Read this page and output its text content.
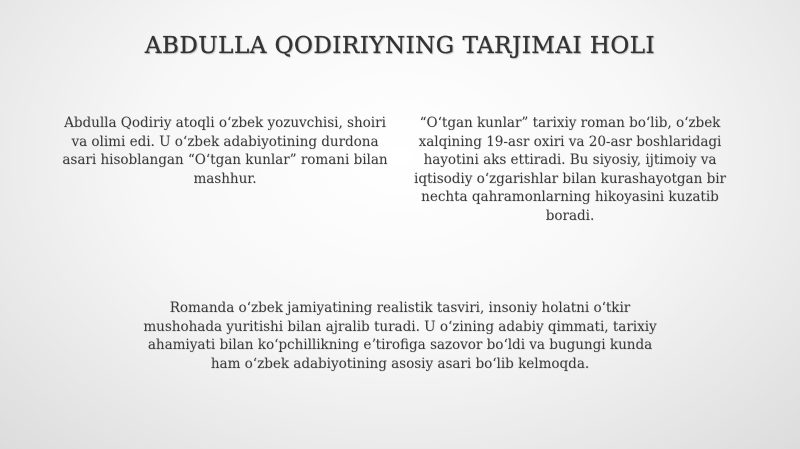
ABDULLA QODIRIYNING TARJIMAI HOLI

Abdulla Qodiriy atoqli oʻzbek yozuvchisi, shoiri va olimi edi. U oʻzbek adabiyotining durdona asari hisoblangan “Oʻtgan kunlar” romani bilan mashhur.

“Oʻtgan kunlar” tarixiy roman boʻlib, oʻzbek xalqining 19-asr oxiri va 20-asr boshlaridagi hayotini aks ettiradi. Bu siyosiy, ijtimoiy va iqtisodiy oʻzgarishlar bilan kurashayotgan bir nechta qahramonlarning hikoyasini kuzatib boradi.

Romanda oʻzbek jamiyatining realistik tasviri, insoniy holatni oʻtkir mushohada yuritishi bilan ajralib turadi. U oʻzining adabiy qimmati, tarixiy ahamiyati bilan koʻpchillikning eʼtirofiga sazovor boʻldi va bugungi kunda ham oʻzbek adabiyotining asosiy asari boʻlib kelmoqda.
